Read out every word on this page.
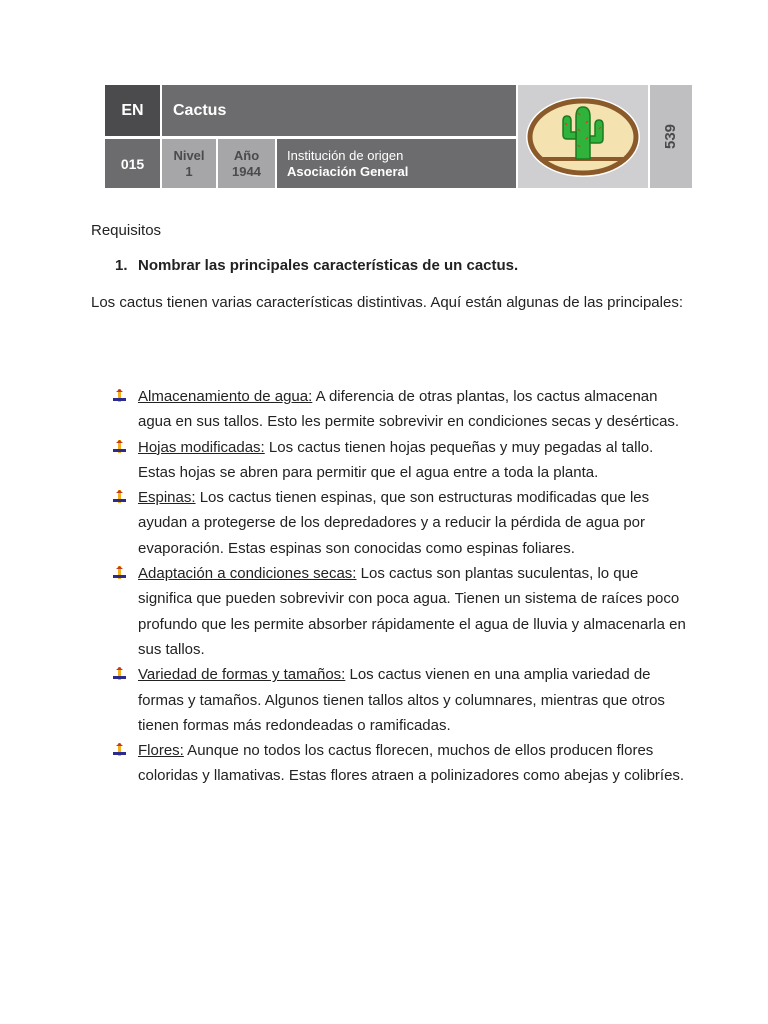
EN	Cactus
015
Nivel
1
Año
1944
Institución de origen
Asociación General
539
Requisitos
1. Nombrar las principales características de un cactus.

Los cactus tienen varias características distintivas. Aquí están algunas de las principales:

Almacenamiento de agua: A diferencia de otras plantas, los cactus almacenan agua en sus tallos. Esto les permite sobrevivir en condiciones secas y desérticas.
Hojas modificadas: Los cactus tienen hojas pequeñas y muy pegadas al tallo. Estas hojas se abren para permitir que el agua entre a toda la planta.
Espinas: Los cactus tienen espinas, que son estructuras modificadas que les ayudan a protegerse de los depredadores y a reducir la pérdida de agua por evaporación. Estas espinas son conocidas como espinas foliares.
Adaptación a condiciones secas: Los cactus son plantas suculentas, lo que significa que pueden sobrevivir con poca agua. Tienen un sistema de raíces poco profundo que les permite absorber rápidamente el agua de lluvia y almacenarla en sus tallos.
Variedad de formas y tamaños: Los cactus vienen en una amplia variedad de formas y tamaños. Algunos tienen tallos altos y columnares, mientras que otros tienen formas más redondeadas o ramificadas.
Flores: Aunque no todos los cactus florecen, muchos de ellos producen flores coloridas y llamativas. Estas flores atraen a polinizadores como abejas y colibríes.
